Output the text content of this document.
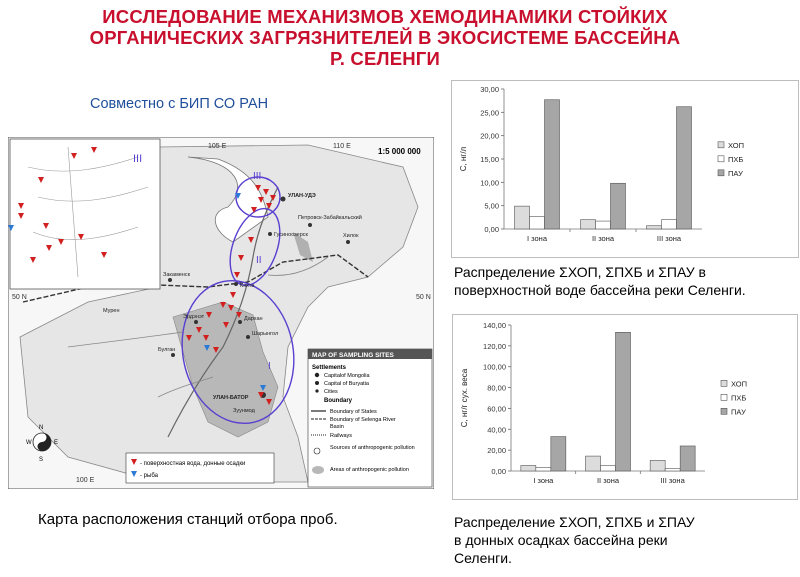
ИССЛЕДОВАНИЕ МЕХАНИЗМОВ ХЕМОДИНАМИКИ СТОЙКИХ
ОРГАНИЧЕСКИХ ЗАГРЯЗНИТЕЛЕЙ В ЭКОСИСТЕМЕ БАССЕЙНА
Р. СЕЛЕНГИ
Совместно с БИП СО РАН
III
1:5 000 000
105 E	110 E
100 E
50 N	50 N
III
II
I
УЛАН-УДЭ
Гусиноозерск
Петровск-Забайкальский
Хилок
Закаменск
Кяхта
Мурен
Эрдэнэт	Дархан
Шарынгол
Булган
УЛАН-БАТОР
Зуунмод
MAP OF SAMPLING SITES
Settlements
Capitalof Mongolia
Capital of Buryatia
Cities
Boundary
Boundary of States
Boundary of Selenga River
Basin
Railways
Sources of anthropogenic pollution
Areas of anthropogenic pollution
- поверхностная вода, донные осадки
- рыба
N
S
W	E
Карта расположения станций отбора проб.
0,00
5,00
10,00
15,00
20,00
25,00
30,00
С, нг/л
I зона	II зона	III зона
ХОП
ПХБ
ПАУ
Распределение ΣХОП, ΣПХБ и ΣПАУ в
поверхностной воде бассейна реки Селенги.
0,00
20,00
40,00
60,00
80,00
100,00
120,00
140,00
С, нг/г сух. веса
I зона	II зона	III зона
ХОП
ПХБ
ПАУ
Распределение ΣХОП, ΣПХБ и ΣПАУ
в донных осадках бассейна реки
Селенги.
